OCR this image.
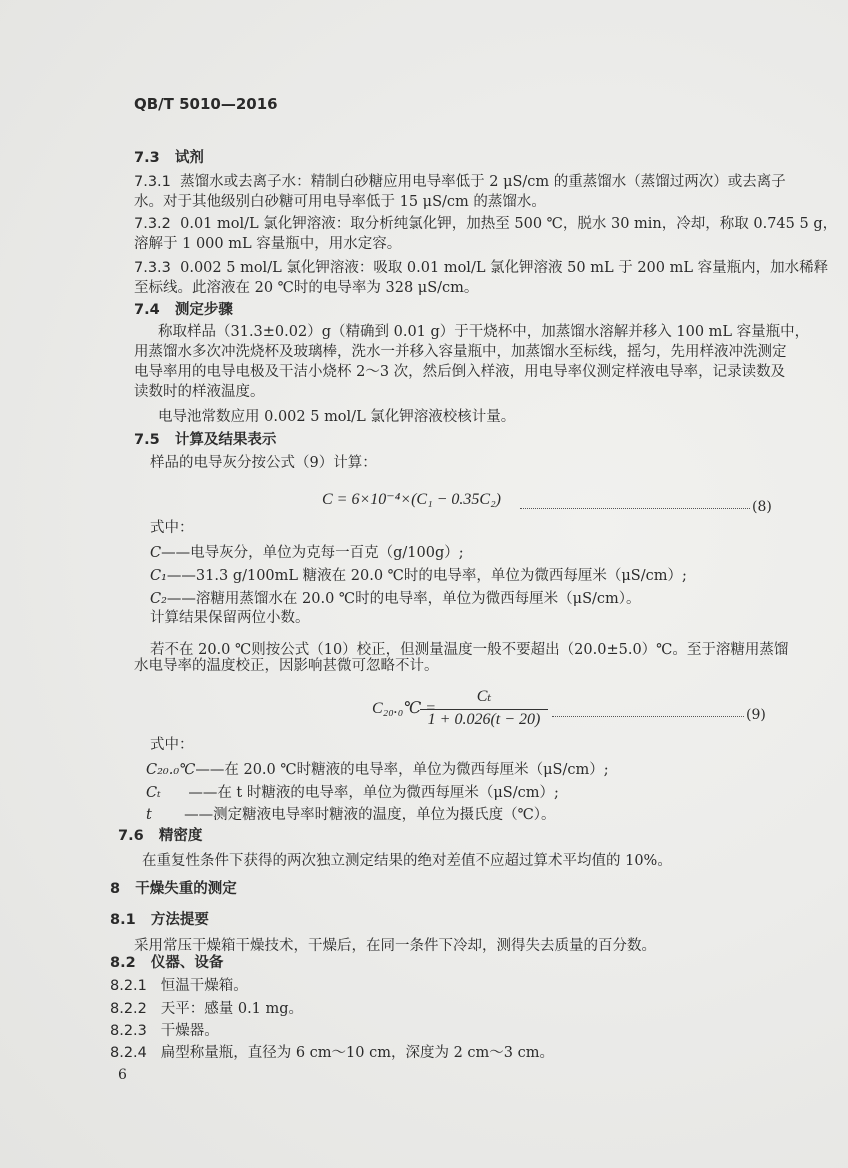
QB/T 5010—2016
7.3 试剂
7.3.1 蒸馏水或去离子水：精制白砂糖应用电导率低于 2 μS/cm 的重蒸馏水（蒸馏过两次）或去离子
水。对于其他级别白砂糖可用电导率低于 15 μS/cm 的蒸馏水。
7.3.2 0.01 mol/L 氯化钾溶液：取分析纯氯化钾，加热至 500 ℃，脱水 30 min，冷却，称取 0.745 5 g，
溶解于 1 000 mL 容量瓶中，用水定容。
7.3.3 0.002 5 mol/L 氯化钾溶液：吸取 0.01 mol/L 氯化钾溶液 50 mL 于 200 mL 容量瓶内，加水稀释
至标线。此溶液在 20 ℃时的电导率为 328 μS/cm。
7.4 测定步骤
称取样品（31.3±0.02）g（精确到 0.01 g）于干烧杯中，加蒸馏水溶解并移入 100 mL 容量瓶中，
用蒸馏水多次冲洗烧杯及玻璃棒，洗水一并移入容量瓶中，加蒸馏水至标线，摇匀，先用样液冲洗测定
电导率用的电导电极及干洁小烧杯 2～3 次，然后倒入样液，用电导率仪测定样液电导率，记录读数及
读数时的样液温度。
电导池常数应用 0.002 5 mol/L 氯化钾溶液校核计量。
7.5 计算及结果表示
样品的电导灰分按公式（9）计算：
C = 6×10⁻⁴×(C₁ − 0.35C₂)	(8)
式中：
C——电导灰分，单位为克每一百克（g/100g）;
C₁——31.3 g/100mL 糖液在 20.0 ℃时的电导率，单位为微西每厘米（μS/cm）;
C₂——溶糖用蒸馏水在 20.0 ℃时的电导率，单位为微西每厘米（μS/cm）。
计算结果保留两位小数。
若不在 20.0 ℃则按公式（10）校正，但测量温度一般不要超出（20.0±5.0）℃。至于溶糖用蒸馏
水电导率的温度校正，因影响甚微可忽略不计。
C₂₀.₀℃ =
Cₜ
1 + 0.026(t − 20)	(9)
式中：
C₂₀.₀℃——在 20.0 ℃时糖液的电导率，单位为微西每厘米（μS/cm）;
Cₜ ——在 t 时糖液的电导率，单位为微西每厘米（μS/cm）;
t ——测定糖液电导率时糖液的温度，单位为摄氏度（℃）。
7.6 精密度
在重复性条件下获得的两次独立测定结果的绝对差值不应超过算术平均值的 10%。
8 干燥失重的测定
8.1 方法提要
采用常压干燥箱干燥技术，干燥后，在同一条件下冷却，测得失去质量的百分数。
8.2 仪器、设备
8.2.1 恒温干燥箱。
8.2.2 天平：感量 0.1 mg。
8.2.3 干燥器。
8.2.4 扁型称量瓶，直径为 6 cm～10 cm，深度为 2 cm～3 cm。
6
